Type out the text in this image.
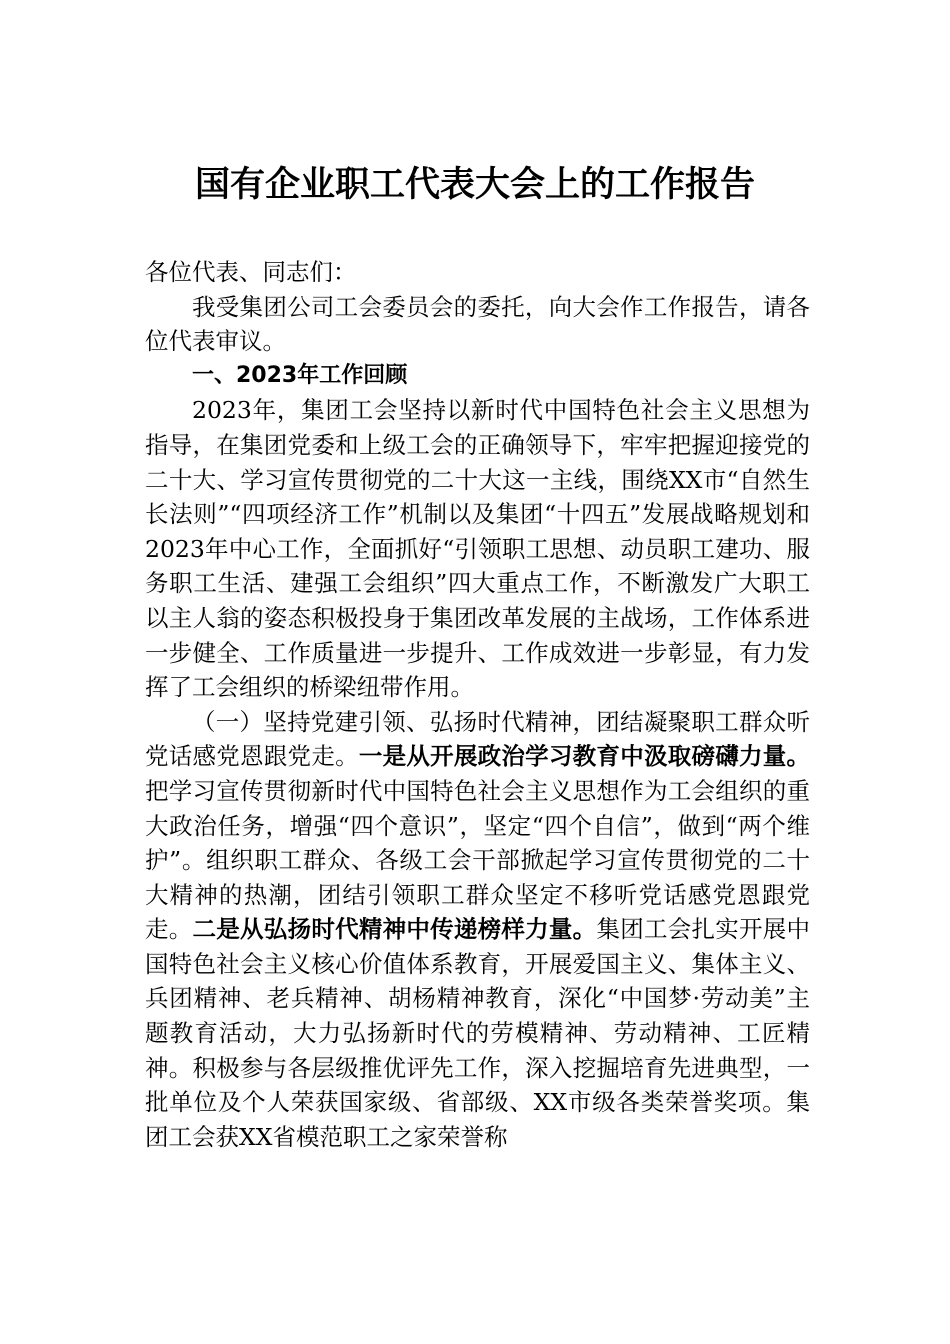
国有企业职工代表大会上的工作报告

各位代表、同志们：

我受集团公司工会委员会的委托，向大会作工作报告，请各位代表审议。

一、2023年工作回顾

2023年，集团工会坚持以新时代中国特色社会主义思想为指导，在集团党委和上级工会的正确领导下，牢牢把握迎接党的二十大、学习宣传贯彻党的二十大这一主线，围绕XX市“自然生长法则”“四项经济工作”机制以及集团“十四五”发展战略规划和2023年中心工作，全面抓好“引领职工思想、动员职工建功、服务职工生活、建强工会组织”四大重点工作，不断激发广大职工以主人翁的姿态积极投身于集团改革发展的主战场，工作体系进一步健全、工作质量进一步提升、工作成效进一步彰显，有力发挥了工会组织的桥梁纽带作用。

（一）坚持党建引领、弘扬时代精神，团结凝聚职工群众听党话感党恩跟党走。一是从开展政治学习教育中汲取磅礴力量。把学习宣传贯彻新时代中国特色社会主义思想作为工会组织的重大政治任务，增强“四个意识”，坚定“四个自信”，做到“两个维护”。组织职工群众、各级工会干部掀起学习宣传贯彻党的二十大精神的热潮，团结引领职工群众坚定不移听党话感党恩跟党走。二是从弘扬时代精神中传递榜样力量。集团工会扎实开展中国特色社会主义核心价值体系教育，开展爱国主义、集体主义、兵团精神、老兵精神、胡杨精神教育，深化“中国梦·劳动美”主题教育活动，大力弘扬新时代的劳模精神、劳动精神、工匠精神。积极参与各层级推优评先工作，深入挖掘培育先进典型，一批单位及个人荣获国家级、省部级、XX市级各类荣誉奖项。集团工会获XX省模范职工之家荣誉称
